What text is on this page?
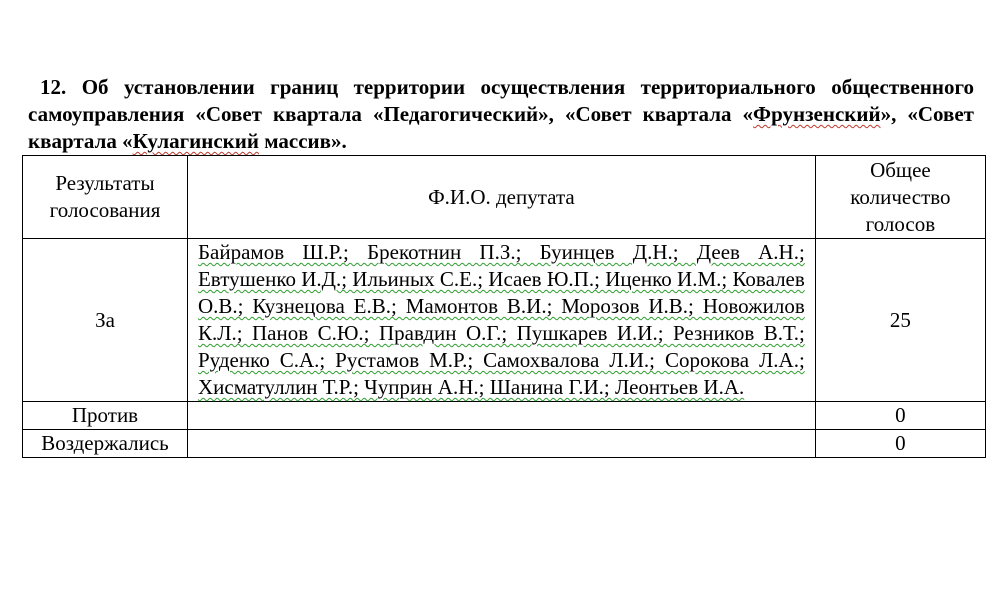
12. Об установлении границ территории осуществления территориального общественного самоуправления «Совет квартала «Педагогический», «Совет квартала «Фрунзенский», «Совет квартала «Кулагинский массив».
Результаты голосования	Ф.И.О. депутата	Общее количество голосов
За	Байрамов Ш.Р.; Брекотнин П.З.; Буинцев Д.Н.; Деев А.Н.; Евтушенко И.Д.; Ильиных С.Е.; Исаев Ю.П.; Иценко И.М.; Ковалев О.В.; Кузнецова Е.В.; Мамонтов В.И.; Морозов И.В.; Новожилов К.Л.; Панов С.Ю.; Правдин О.Г.; Пушкарев И.И.; Резников В.Т.; Руденко С.А.; Рустамов М.Р.; Самохвалова Л.И.; Сорокова Л.А.; Хисматуллин Т.Р.; Чуприн А.Н.; Шанина Г.И.; Леонтьев И.А.	25
Против		0
Воздержались		0
